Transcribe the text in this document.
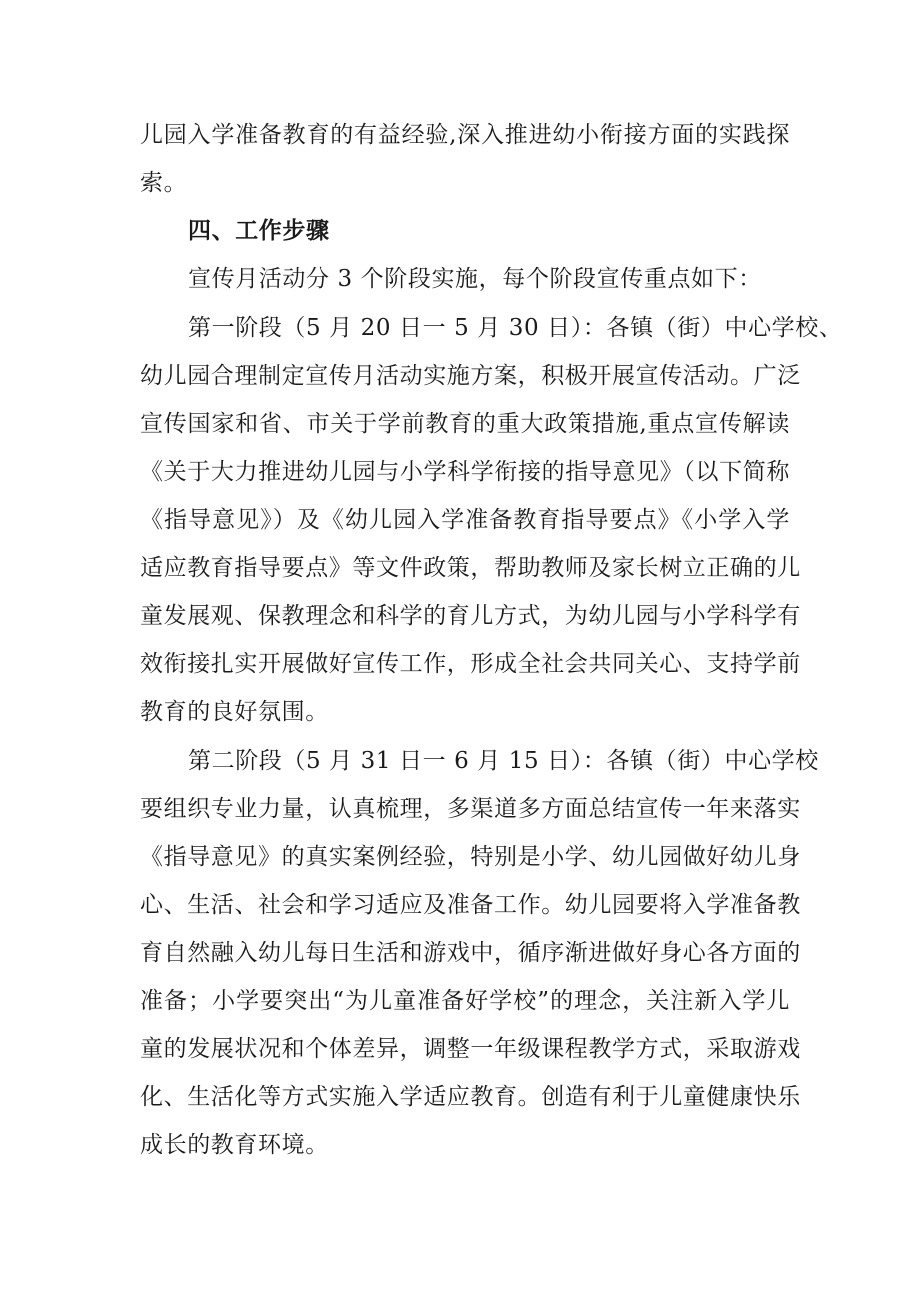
儿园入学准备教育的有益经验,深入推进幼小衔接方面的实践探
索。
四、工作步骤
宣传月活动分 3 个阶段实施，每个阶段宣传重点如下：
第一阶段（5 月 20 日一 5 月 30 日）：各镇（街）中心学校、
幼儿园合理制定宣传月活动实施方案，积极开展宣传活动。广泛
宣传国家和省、市关于学前教育的重大政策措施,重点宣传解读
《关于大力推进幼儿园与小学科学衔接的指导意见》（以下简称
《指导意见》）及《幼儿园入学准备教育指导要点》《小学入学
适应教育指导要点》等文件政策，帮助教师及家长树立正确的儿
童发展观、保教理念和科学的育儿方式，为幼儿园与小学科学有
效衔接扎实开展做好宣传工作，形成全社会共同关心、支持学前
教育的良好氛围。
第二阶段（5 月 31 日一 6 月 15 日）：各镇（街）中心学校
要组织专业力量，认真梳理，多渠道多方面总结宣传一年来落实
《指导意见》的真实案例经验，特别是小学、幼儿园做好幼儿身
心、生活、社会和学习适应及准备工作。幼儿园要将入学准备教
育自然融入幼儿每日生活和游戏中，循序渐进做好身心各方面的
准备；小学要突出“为儿童准备好学校”的理念，关注新入学儿
童的发展状况和个体差异，调整一年级课程教学方式，采取游戏
化、生活化等方式实施入学适应教育。创造有利于儿童健康快乐
成长的教育环境。
